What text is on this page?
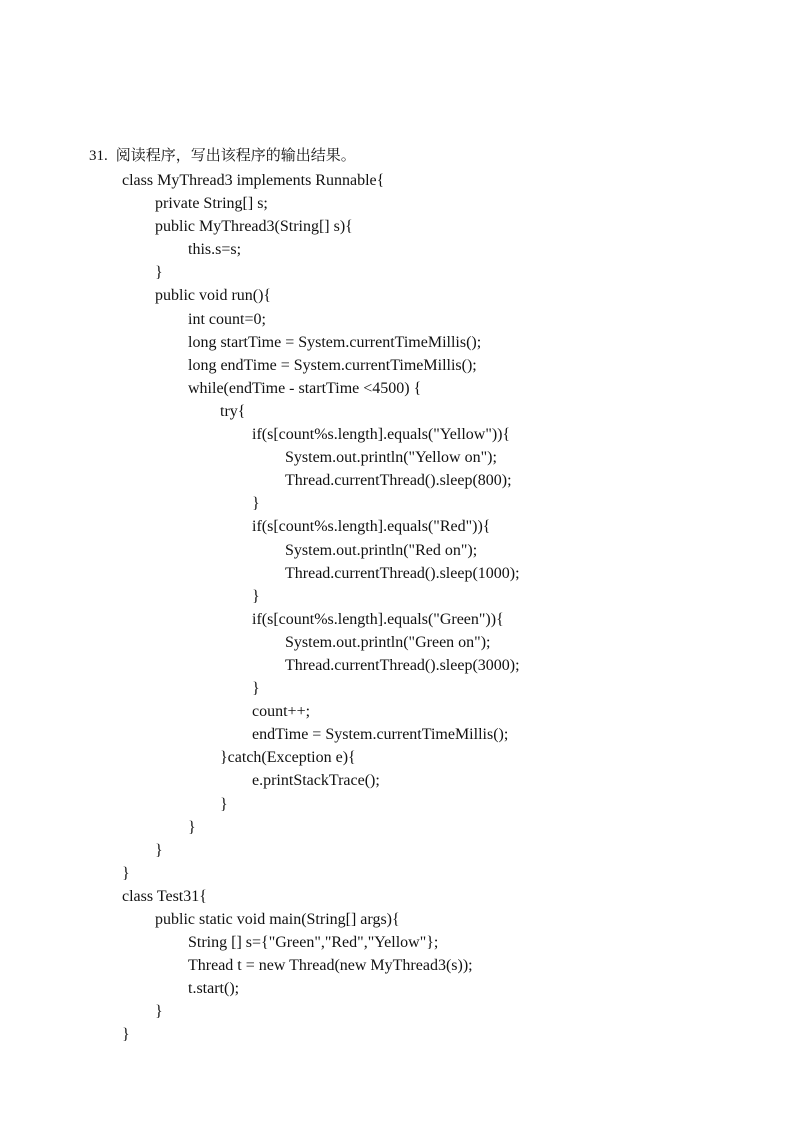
31. 阅读程序，写出该程序的输出结果。
class MyThread3 implements Runnable{
private String[] s;
public MyThread3(String[] s){
this.s=s;
}
public void run(){
int count=0;
long startTime = System.currentTimeMillis();
long endTime = System.currentTimeMillis();
while(endTime - startTime <4500) {
try{
if(s[count%s.length].equals("Yellow")){
System.out.println("Yellow on");
Thread.currentThread().sleep(800);
}
if(s[count%s.length].equals("Red")){
System.out.println("Red on");
Thread.currentThread().sleep(1000);
}
if(s[count%s.length].equals("Green")){
System.out.println("Green on");
Thread.currentThread().sleep(3000);
}
count++;
endTime = System.currentTimeMillis();
}catch(Exception e){
e.printStackTrace();
}
}
}
}
class Test31{
public static void main(String[] args){
String [] s={"Green","Red","Yellow"};
Thread t = new Thread(new MyThread3(s));
t.start();
}
}
